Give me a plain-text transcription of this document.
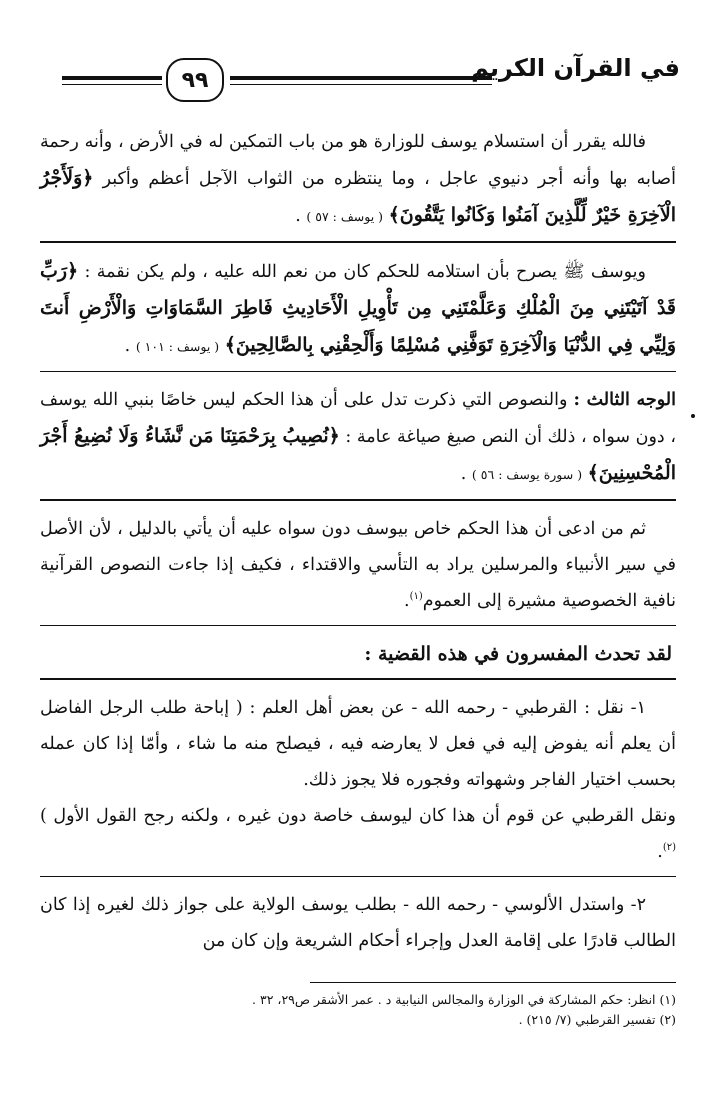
٩٩	في القرآن الكريم

فالله يقرر أن استسلام يوسف للوزارة هو من باب التمكين له في الأرض ، وأنه رحمة أصابه بها وأنه أجر دنيوي عاجل ، وما ينتظره من الثواب الآجل أعظم وأكبر ﴿وَلَأَجْرُ الْآخِرَةِ خَيْرٌ لِّلَّذِينَ آمَنُوا وَكَانُوا يَتَّقُونَ﴾ ( يوسف : ٥٧ ) .

ويوسف ﷺ يصرح بأن استلامه للحكم كان من نعم الله عليه ، ولم يكن نقمة : ﴿رَبِّ قَدْ آتَيْتَنِي مِنَ الْمُلْكِ وَعَلَّمْتَنِي مِن تَأْوِيلِ الْأَحَادِيثِ فَاطِرَ السَّمَاوَاتِ وَالْأَرْضِ أَنتَ وَلِيِّي فِي الدُّنْيَا وَالْآخِرَةِ تَوَفَّنِي مُسْلِمًا وَأَلْحِقْنِي بِالصَّالِحِينَ﴾ ( يوسف : ١٠١ ) .

الوجه الثالث : والنصوص التي ذكرت تدل على أن هذا الحكم ليس خاصًا بنبي الله يوسف ، دون سواه ، ذلك أن النص صيغ صياغة عامة : ﴿نُصِيبُ بِرَحْمَتِنَا مَن نَّشَاءُ وَلَا نُضِيعُ أَجْرَ الْمُحْسِنِينَ﴾ ( سورة يوسف : ٥٦ ) .

ثم من ادعى أن هذا الحكم خاص بيوسف دون سواه عليه أن يأتي بالدليل ، لأن الأصل في سير الأنبياء والمرسلين يراد به التأسي والاقتداء ، فكيف إذا جاءت النصوص القرآنية نافية الخصوصية مشيرة إلى العموم$^{(١)}$.

لقد تحدث المفسرون في هذه القضية :

١- نقل : القرطبي - رحمه الله - عن بعض أهل العلم : ( إباحة طلب الرجل الفاضل أن يعلم أنه يفوض إليه في فعل لا يعارضه فيه ، فيصلح منه ما شاء ، وأمّا إذا كان عمله بحسب اختيار الفاجر وشهواته وفجوره فلا يجوز ذلك.

ونقل القرطبي عن قوم أن هذا كان ليوسف خاصة دون غيره ، ولكنه رجح القول الأول )$^{(٢)}$.

٢- واستدل الألوسي - رحمه الله - بطلب يوسف الولاية على جواز ذلك لغيره إذا كان الطالب قادرًا على إقامة العدل وإجراء أحكام الشريعة وإن كان من

(١) انظر: حكم المشاركة في الوزارة والمجالس النيابية د . عمر الأشقر ص٢٩، ٣٢ .

(٢) تفسير القرطبي (٧/ ٢١٥) .
